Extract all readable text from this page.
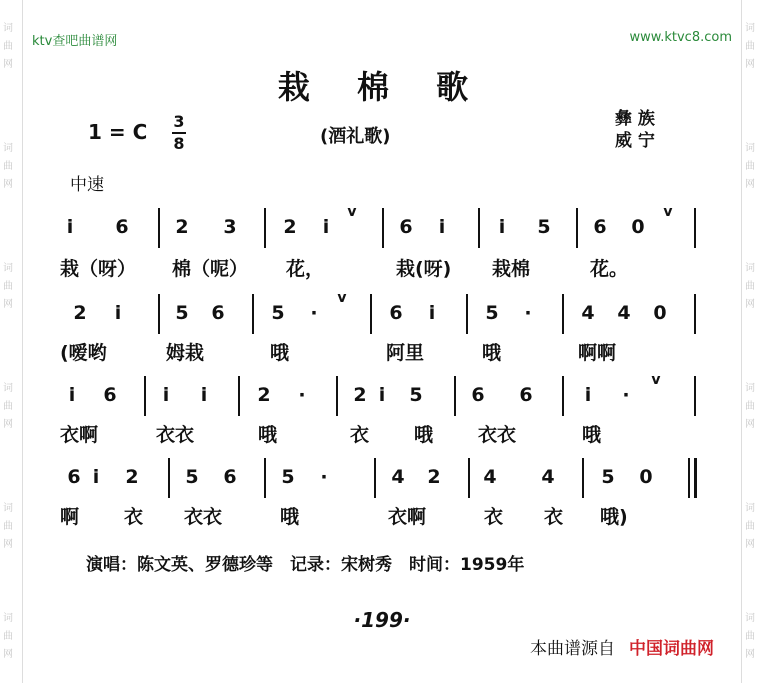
词
曲
网
词
曲
网
词
曲
网
词
曲
网
词
曲
网
词
曲
网
词
曲
网
词
曲
网
词
曲
网
词
曲
网
词
曲
网
词
曲
网
ktv查吧曲谱网	www.ktvc8.com
栽 棉 歌
1 = C 3
8	(酒礼歌)
彝 族
威 宁
中速
i	6 2 3 2	i
v
6	i	i	5 6 0
v
栽（呀） 棉（呢） 花，	栽(呀) 栽棉	花。
2	i	5 6 5	·
v
6	i	5	·	4 4 0
(嗳哟	姆栽	哦	阿里	哦	啊啊
i	6	i	i	2	·	2 i	5	6 6	i	·
v
衣啊	衣衣	哦	衣 哦 衣衣	哦
6 i	2 5 6 5	·	4 2 4 4 5 0
啊 衣 衣衣	哦	衣啊	衣 衣 哦)
演唱：陈文英、罗德珍等　记录：宋树秀　时间：1959年
·199·
本曲谱源自 中国词曲网
